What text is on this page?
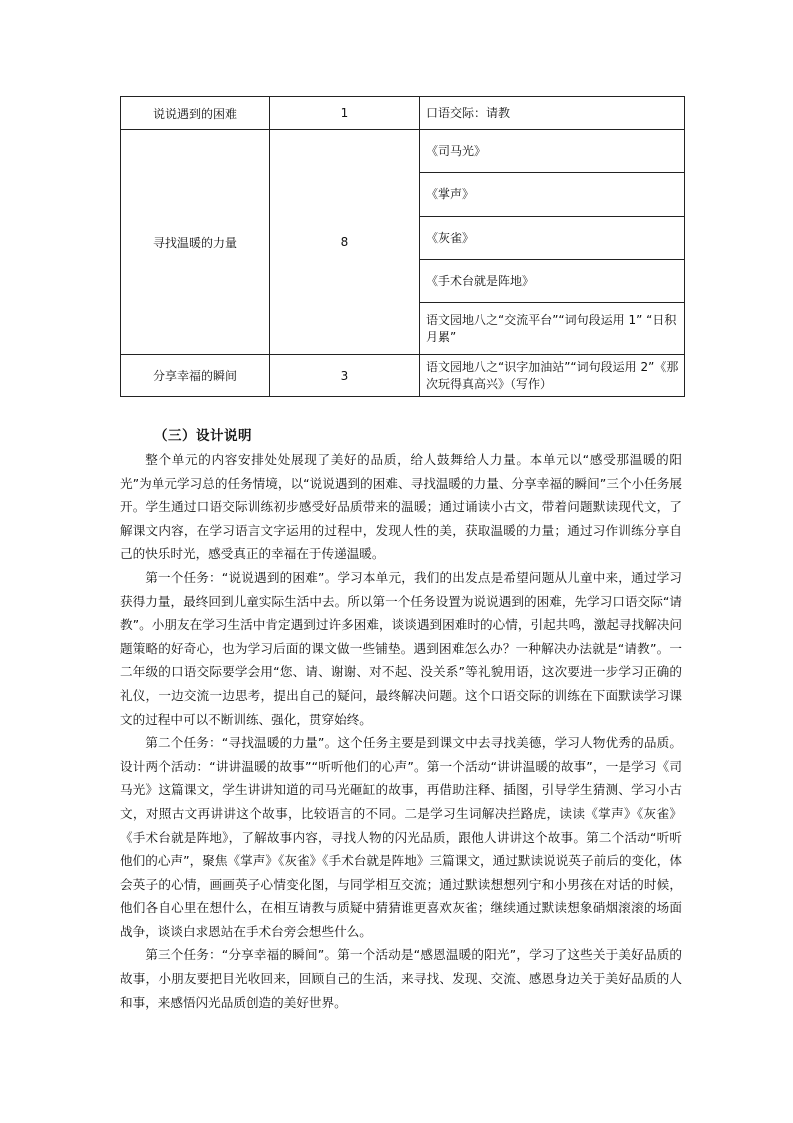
说说遇到的困难	1	口语交际：请教
寻找温暖的力量	8	《司马光》
		《掌声》
		《灰雀》
		《手术台就是阵地》
		语文园地八之“交流平台”“词句段运用 1” “日积月累”
分享幸福的瞬间	3	语文园地八之“识字加油站”“词句段运用 2”《那次玩得真高兴》（写作）
（三）设计说明

整个单元的内容安排处处展现了美好的品质，给人鼓舞给人力量。本单元以“感受那温暖的阳光”为单元学习总的任务情境，以“说说遇到的困难、寻找温暖的力量、分享幸福的瞬间”三个小任务展开。学生通过口语交际训练初步感受好品质带来的温暖；通过诵读小古文，带着问题默读现代文，了解课文内容，在学习语言文字运用的过程中，发现人性的美，获取温暖的力量；通过习作训练分享自己的快乐时光，感受真正的幸福在于传递温暖。

第一个任务：“说说遇到的困难”。学习本单元，我们的出发点是希望问题从儿童中来，通过学习获得力量，最终回到儿童实际生活中去。所以第一个任务设置为说说遇到的困难，先学习口语交际“请教”。小朋友在学习生活中肯定遇到过许多困难，谈谈遇到困难时的心情，引起共鸣，激起寻找解决问题策略的好奇心，也为学习后面的课文做一些铺垫。遇到困难怎么办？一种解决办法就是“请教”。一二年级的口语交际要学会用“您、请、谢谢、对不起、没关系”等礼貌用语，这次要进一步学习正确的礼仪，一边交流一边思考，提出自己的疑问，最终解决问题。这个口语交际的训练在下面默读学习课文的过程中可以不断训练、强化，贯穿始终。

第二个任务：“寻找温暖的力量”。这个任务主要是到课文中去寻找美德，学习人物优秀的品质。设计两个活动：“讲讲温暖的故事”“听听他们的心声”。第一个活动“讲讲温暖的故事”，一是学习《司马光》这篇课文，学生讲讲知道的司马光砸缸的故事，再借助注释、插图，引导学生猜测、学习小古文，对照古文再讲讲这个故事，比较语言的不同。二是学习生词解决拦路虎，读读《掌声》《灰雀》《手术台就是阵地》，了解故事内容，寻找人物的闪光品质，跟他人讲讲这个故事。第二个活动“听听他们的心声”，聚焦《掌声》《灰雀》《手术台就是阵地》三篇课文，通过默读说说英子前后的变化，体会英子的心情，画画英子心情变化图，与同学相互交流；通过默读想想列宁和小男孩在对话的时候，他们各自心里在想什么，在相互请教与质疑中猜猜谁更喜欢灰雀；继续通过默读想象硝烟滚滚的场面战争，谈谈白求恩站在手术台旁会想些什么。

第三个任务：“分享幸福的瞬间”。第一个活动是“感恩温暖的阳光”，学习了这些关于美好品质的故事，小朋友要把目光收回来，回顾自己的生活，来寻找、发现、交流、感恩身边关于美好品质的人和事，来感悟闪光品质创造的美好世界。
